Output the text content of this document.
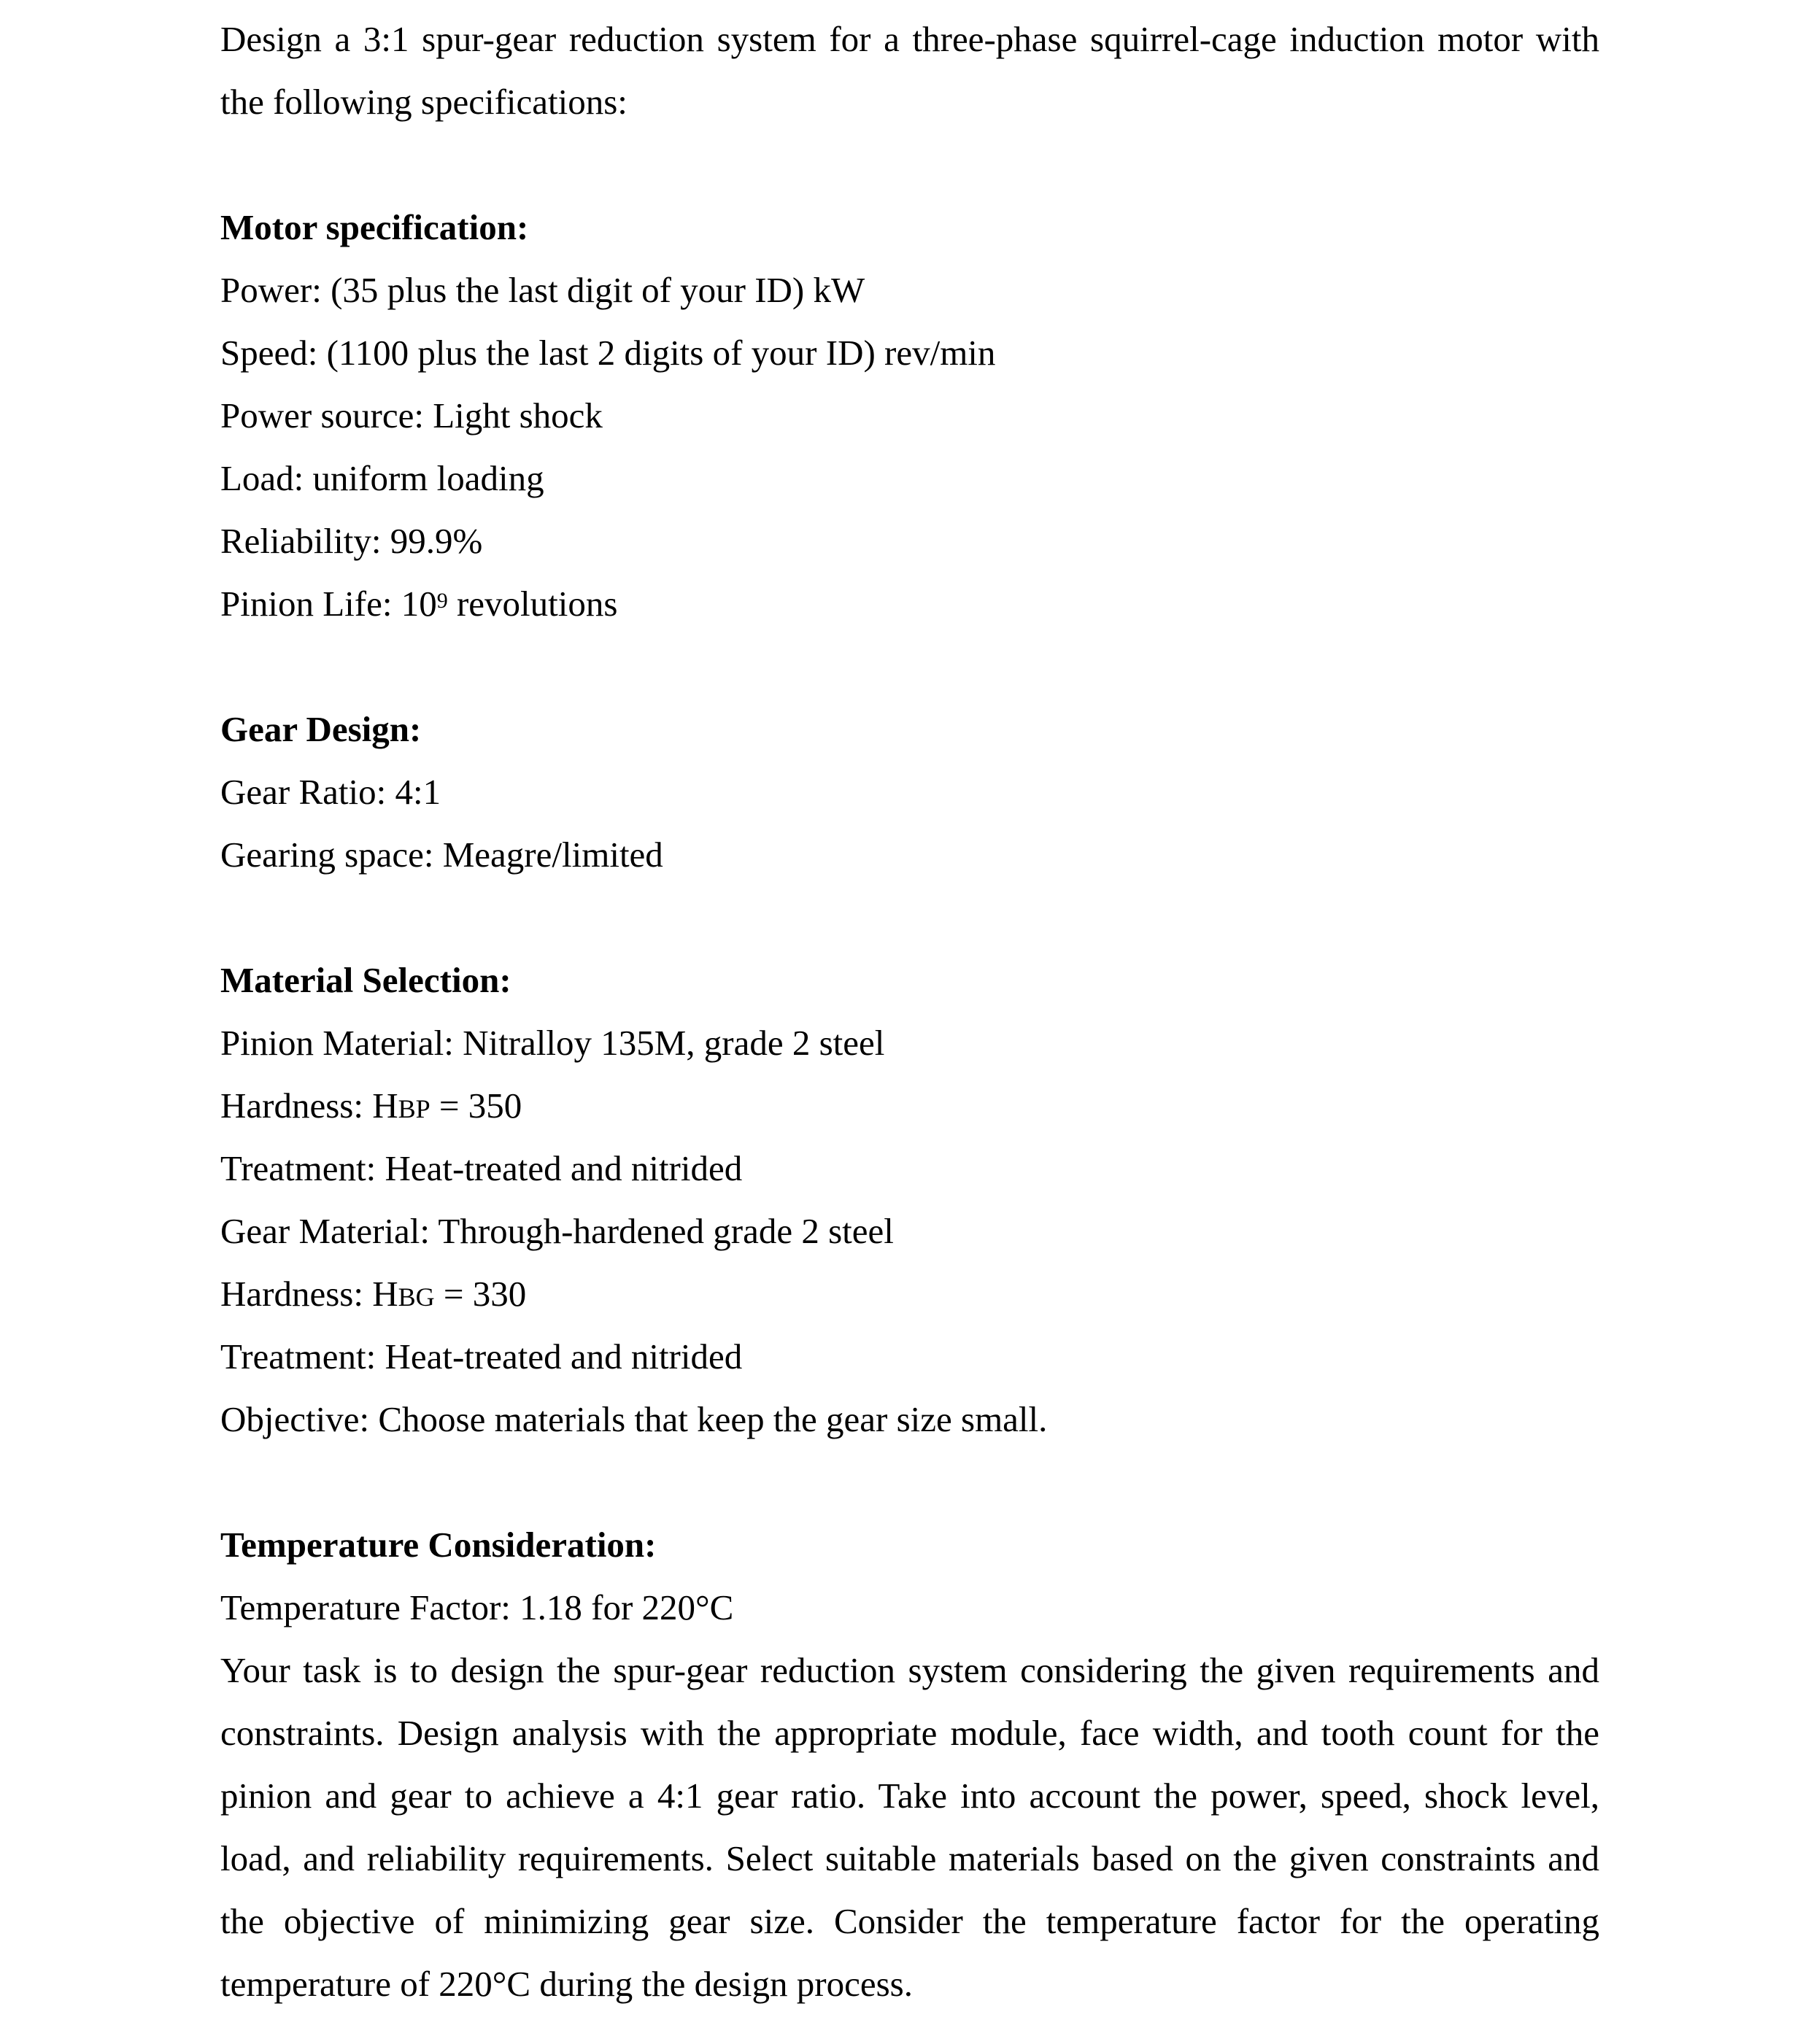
Design a 3:1 spur-gear reduction system for a three-phase squirrel-cage induction motor with
the following specifications:
Motor specification:
Power: (35 plus the last digit of your ID) kW
Speed: (1100 plus the last 2 digits of your ID) rev/min
Power source: Light shock
Load: uniform loading
Reliability: 99.9%
Pinion Life: $10^9$ revolutions
Gear Design:
Gear Ratio: 4:1
Gearing space: Meagre/limited
Material Selection:
Pinion Material: Nitralloy 135M, grade 2 steel
Hardness: HBP = 350
Treatment: Heat-treated and nitrided
Gear Material: Through-hardened grade 2 steel
Hardness: HBG = 330
Treatment: Heat-treated and nitrided
Objective: Choose materials that keep the gear size small.
Temperature Consideration:
Temperature Factor: 1.18 for 220°C
Your task is to design the spur-gear reduction system considering the given requirements and
constraints. Design analysis with the appropriate module, face width, and tooth count for the
pinion and gear to achieve a 4:1 gear ratio. Take into account the power, speed, shock level,
load, and reliability requirements. Select suitable materials based on the given constraints and
the objective of minimizing gear size. Consider the temperature factor for the operating
temperature of 220°C during the design process.
